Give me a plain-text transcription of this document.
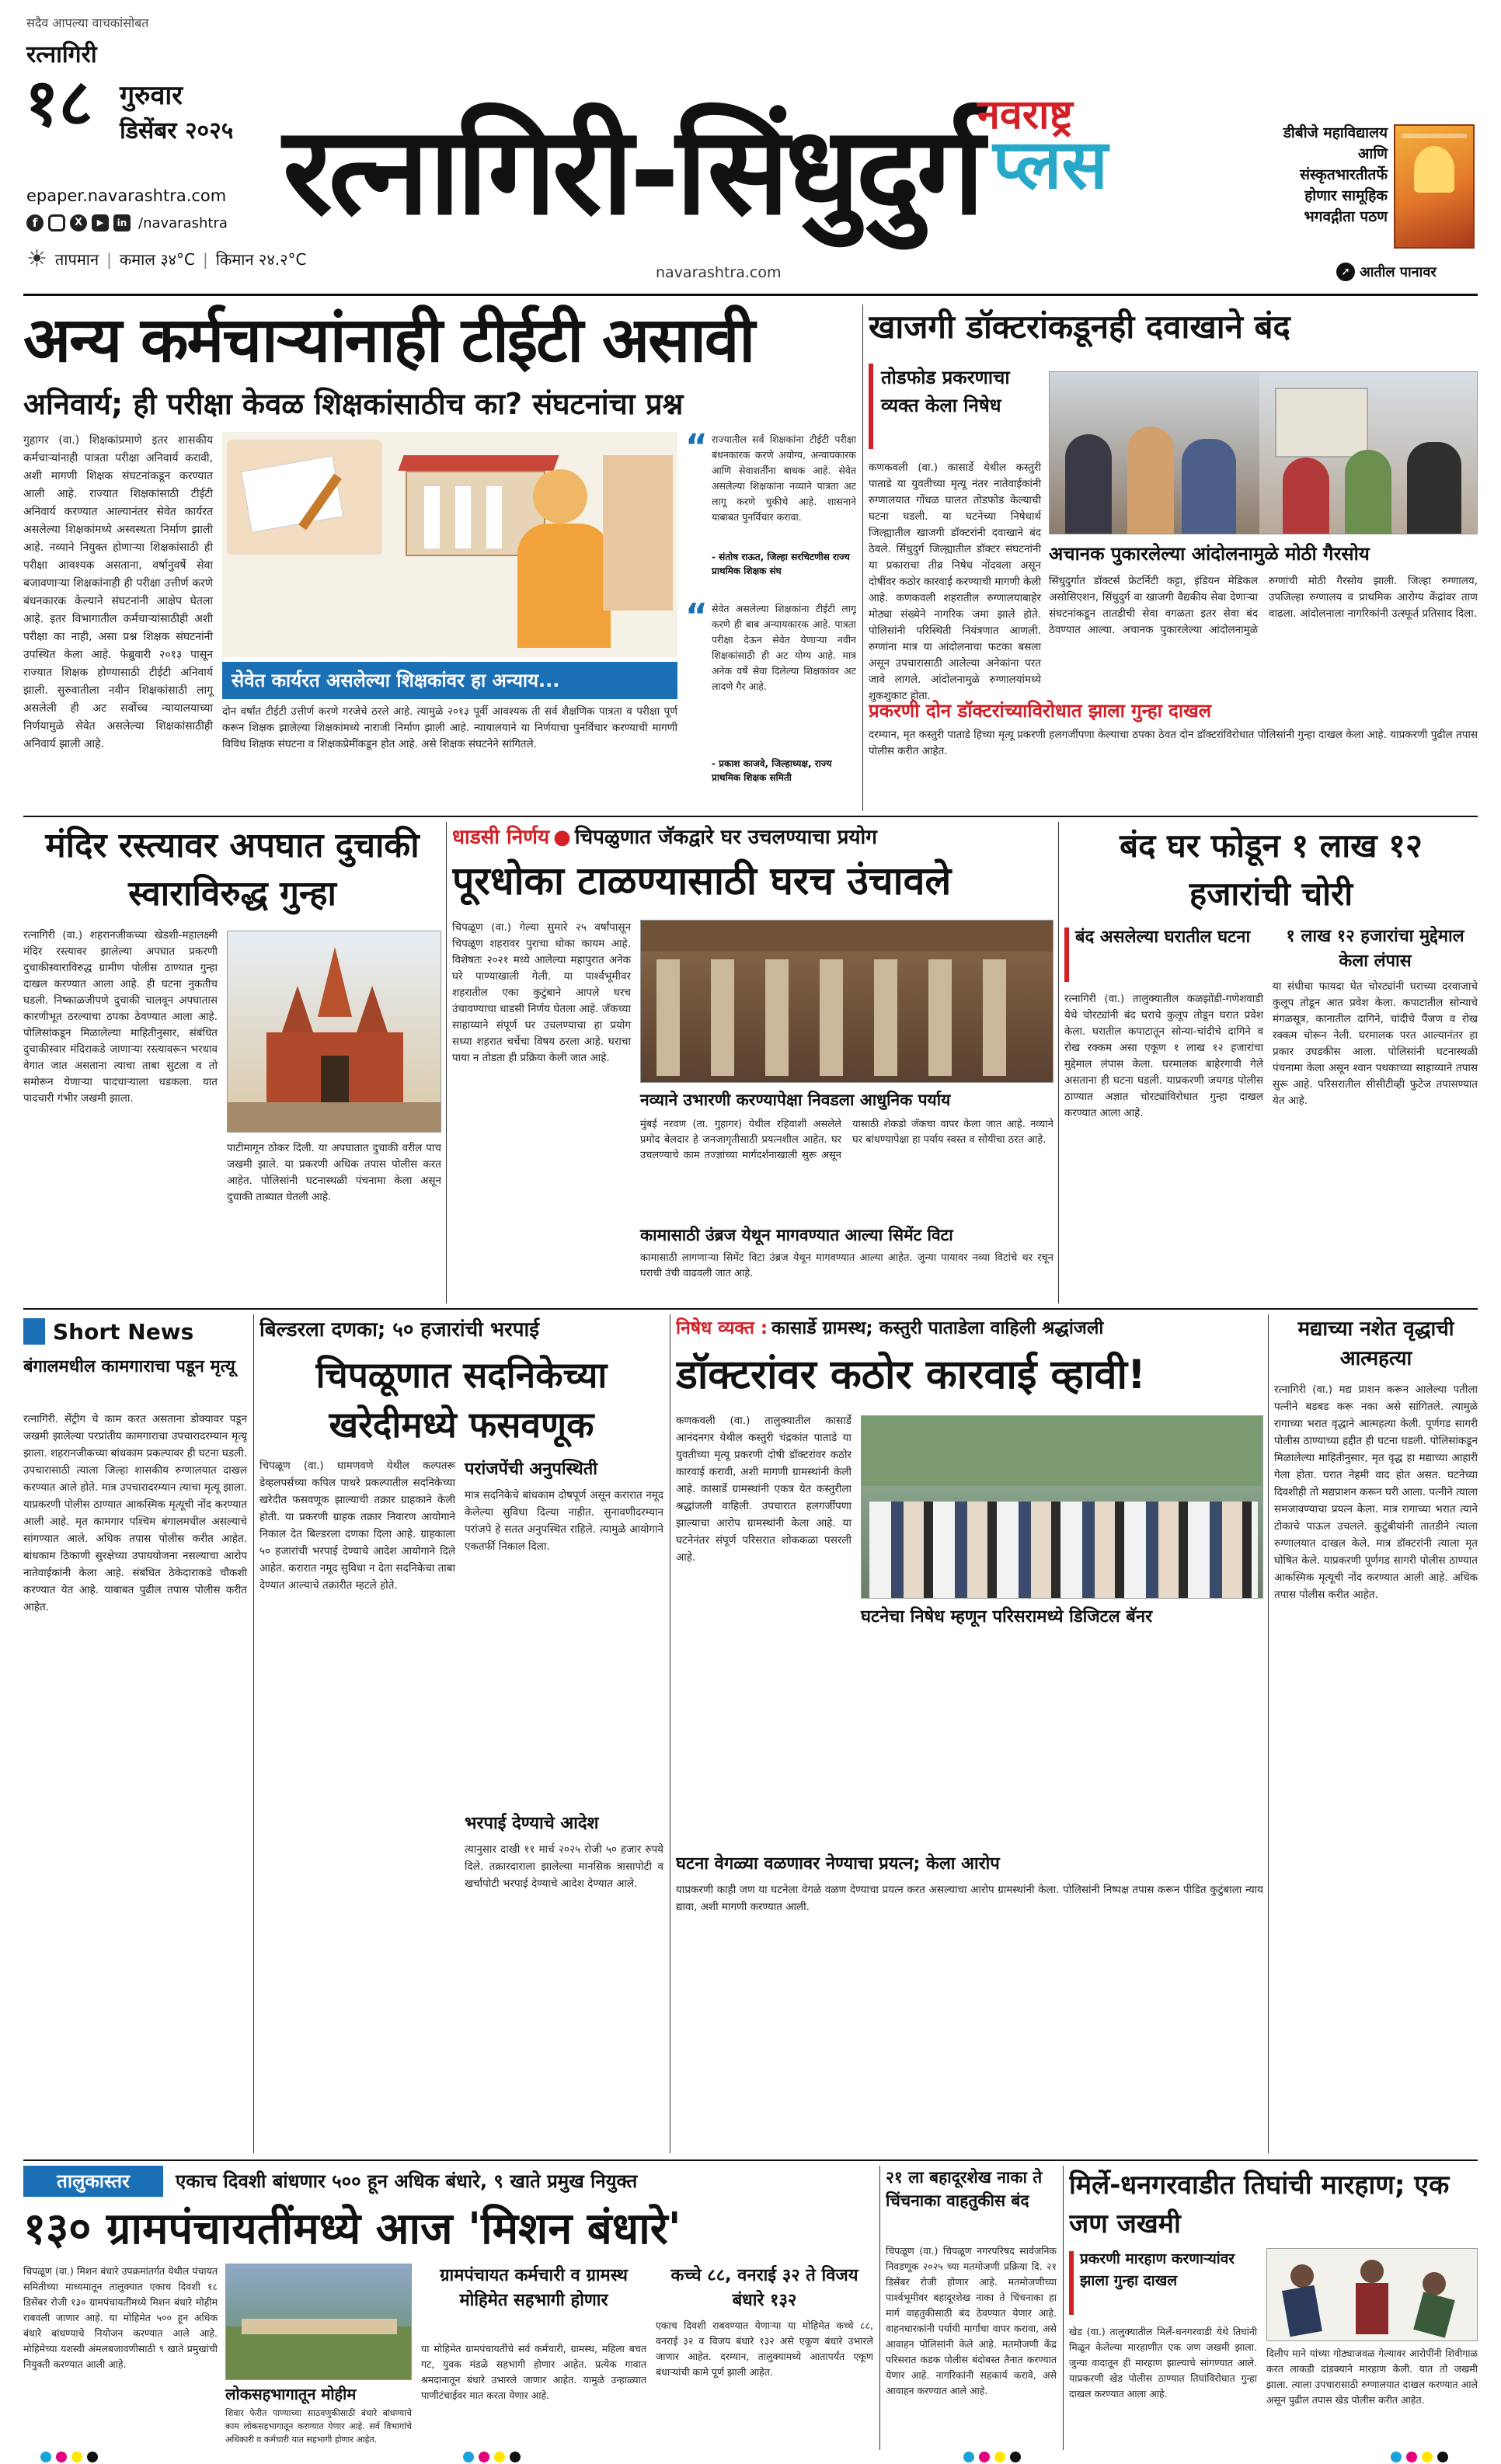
सदैव आपल्या वाचकांसोबत
रत्नागिरी
१८ गुरुवार
डिसेंबर २०२५
epaper.navarashtra.com
f	X	▶	in /navarashtra
☀ तापमान | कमाल ३४°C | किमान २४.२°C
रत्नागिरी-सिंधुदुर्ग
नवराष्ट्र
प्लस
navarashtra.com
डीबीजे महाविद्यालय आणि संस्कृतभारतीतर्फे होणार सामूहिक भगवद्गीता पठण
➚ आतील पानावर
अन्य कर्मचाऱ्यांनाही टीईटी असावी
अनिवार्य; ही परीक्षा केवळ शिक्षकांसाठीच का? संघटनांचा प्रश्न
गुहागर (वा.) शिक्षकांप्रमाणे इतर शासकीय कर्मचाऱ्यांनाही पात्रता परीक्षा अनिवार्य करावी, अशी मागणी शिक्षक संघटनांकडून करण्यात आली आहे. राज्यात शिक्षकांसाठी टीईटी अनिवार्य करण्यात आल्यानंतर सेवेत कार्यरत असलेल्या शिक्षकांमध्ये अस्वस्थता निर्माण झाली आहे. नव्याने नियुक्त होणाऱ्या शिक्षकांसाठी ही परीक्षा आवश्यक असताना, वर्षानुवर्षे सेवा बजावणाऱ्या शिक्षकांनाही ही परीक्षा उत्तीर्ण करणे बंधनकारक केल्याने संघटनांनी आक्षेप घेतला आहे. इतर विभागातील कर्मचाऱ्यांसाठीही अशी परीक्षा का नाही, असा प्रश्न शिक्षक संघटनांनी उपस्थित केला आहे. फेब्रुवारी २०१३ पासून राज्यात शिक्षक होण्यासाठी टीईटी अनिवार्य झाली. सुरुवातीला नवीन शिक्षकांसाठी लागू असलेली ही अट सर्वोच्च न्यायालयाच्या निर्णयामुळे सेवेत असलेल्या शिक्षकांसाठीही अनिवार्य झाली आहे.
“ राज्यातील सर्व शिक्षकांना टीईटी परीक्षा बंधनकारक करणे अयोग्य, अन्यायकारक आणि सेवाशर्तींना बाधक आहे. सेवेत असलेल्या शिक्षकांना नव्याने पात्रता अट लागू करणे चुकीचे आहे. शासनाने याबाबत पुनर्विचार करावा.
- संतोष राऊत, जिल्हा सरचिटणीस राज्य प्राथमिक शिक्षक संघ
“ सेवेत असलेल्या शिक्षकांना टीईटी लागू करणे ही बाब अन्यायकारक आहे. पात्रता परीक्षा देऊन सेवेत येणाऱ्या नवीन शिक्षकांसाठी ही अट योग्य आहे. मात्र अनेक वर्षे सेवा दिलेल्या शिक्षकांवर अट लादणे गैर आहे.
- प्रकाश काजवे, जिल्हाध्यक्ष, राज्य प्राथमिक शिक्षक समिती
सेवेत कार्यरत असलेल्या शिक्षकांवर हा अन्याय...
दोन वर्षांत टीईटी उत्तीर्ण करणे गरजेचे ठरले आहे. त्यामुळे २०१३ पूर्वी आवश्यक ती सर्व शैक्षणिक पात्रता व परीक्षा पूर्ण करून शिक्षक झालेल्या शिक्षकांमध्ये नाराजी निर्माण झाली आहे. न्यायालयाने या निर्णयाचा पुनर्विचार करण्याची मागणी विविध शिक्षक संघटना व शिक्षकप्रेमींकडून होत आहे. असे शिक्षक संघटनेने सांगितले.
खाजगी डॉक्टरांकडूनही दवाखाने बंद
तोडफोड प्रकरणाचा व्यक्त केला निषेध
कणकवली (वा.) कासार्डे येथील कस्तुरी पाताडे या युवतीच्या मृत्यू नंतर नातेवाईकांनी रुग्णालयात गोंधळ घालत तोडफोड केल्याची घटना घडली. या घटनेच्या निषेधार्थ जिल्ह्यातील खाजगी डॉक्टरांनी दवाखाने बंद ठेवले. सिंधुदुर्ग जिल्ह्यातील डॉक्टर संघटनांनी या प्रकाराचा तीव्र निषेध नोंदवला असून दोषींवर कठोर कारवाई करण्याची मागणी केली आहे. कणकवली शहरातील रुग्णालयाबाहेर मोठ्या संख्येने नागरिक जमा झाले होते. पोलिसांनी परिस्थिती नियंत्रणात आणली. रुग्णांना मात्र या आंदोलनाचा फटका बसला असून उपचारासाठी आलेल्या अनेकांना परत जावे लागले. आंदोलनामुळे रुग्णालयांमध्ये शुकशुकाट होता.
अचानक पुकारलेल्या आंदोलनामुळे मोठी गैरसोय
सिंधुदुर्गात डॉक्टर्स फ्रेटर्निटी कट्टा, इंडियन मेडिकल असोसिएशन, सिंधुदुर्ग वा खाजगी वैद्यकीय सेवा देणाऱ्या संघटनांकडून तातडीची सेवा वगळता इतर सेवा बंद ठेवण्यात आल्या. अचानक पुकारलेल्या आंदोलनामुळे रुग्णांची मोठी गैरसोय झाली. जिल्हा रुग्णालय, उपजिल्हा रुग्णालय व प्राथमिक आरोग्य केंद्रांवर ताण वाढला. आंदोलनाला नागरिकांनी उत्स्फूर्त प्रतिसाद दिला.
प्रकरणी दोन डॉक्टरांच्याविरोधात झाला गुन्हा दाखल
दरम्यान, मृत कस्तुरी पाताडे हिच्या मृत्यू प्रकरणी हलगर्जीपणा केल्याचा ठपका ठेवत दोन डॉक्टरांविरोधात पोलिसांनी गुन्हा दाखल केला आहे. याप्रकरणी पुढील तपास पोलीस करीत आहेत.
मंदिर रस्त्यावर अपघात दुचाकी स्वाराविरुद्ध गुन्हा
रत्नागिरी (वा.) शहरानजीकच्या खेडशी-महालक्ष्मी मंदिर रस्त्यावर झालेल्या अपघात प्रकरणी दुचाकीस्वाराविरुद्ध ग्रामीण पोलीस ठाण्यात गुन्हा दाखल करण्यात आला आहे. ही घटना नुकतीच घडली. निष्काळजीपणे दुचाकी चालवून अपघातास कारणीभूत ठरल्याचा ठपका ठेवण्यात आला आहे. पोलिसांकडून मिळालेल्या माहितीनुसार, संबंधित दुचाकीस्वार मंदिराकडे जाणाऱ्या रस्त्यावरून भरधाव वेगात जात असताना त्याचा ताबा सुटला व तो समोरून येणाऱ्या पादचाऱ्याला धडकला. यात पादचारी गंभीर जखमी झाला.
पाटीमागून ठोकर दिली. या अपघातात दुचाकी वरील पाच जखमी झाले. या प्रकरणी अधिक तपास पोलीस करत आहेत. पोलिसांनी घटनास्थळी पंचनामा केला असून दुचाकी ताब्यात घेतली आहे.
धाडसी निर्णय ● चिपळुणात जॅकद्वारे घर उचलण्याचा प्रयोग
पूरधोका टाळण्यासाठी घरच उंचावले
चिपळूण (वा.) गेल्या सुमारे २५ वर्षांपासून चिपळूण शहरावर पुराचा धोका कायम आहे. विशेषतः २०२१ मध्ये आलेल्या महापुरात अनेक घरे पाण्याखाली गेली. या पार्श्वभूमीवर शहरातील एका कुटुंबाने आपले घरच उंचावण्याचा धाडसी निर्णय घेतला आहे. जॅकच्या साहाय्याने संपूर्ण घर उचलण्याचा हा प्रयोग सध्या शहरात चर्चेचा विषय ठरला आहे. घराचा पाया न तोडता ही प्रक्रिया केली जात आहे.
नव्याने उभारणी करण्यापेक्षा निवडला आधुनिक पर्याय
मुंबई नरवण (ता. गुहागर) येथील रहिवाशी असलेले प्रमोद बेलदार हे जनजागृतीसाठी प्रयत्नशील आहेत. घर उचलण्याचे काम तज्ज्ञांच्या मार्गदर्शनाखाली सुरू असून यासाठी शेकडो जॅकचा वापर केला जात आहे. नव्याने घर बांधण्यापेक्षा हा पर्याय स्वस्त व सोयीचा ठरत आहे.
कामासाठी उंब्रज येथून मागवण्यात आल्या सिमेंट विटा
कामासाठी लागणाऱ्या सिमेंट विटा उंब्रज येथून मागवण्यात आल्या आहेत. जुन्या पायावर नव्या विटांचे थर रचून घराची उंची वाढवली जात आहे.
बंद घर फोडून १ लाख १२ हजारांची चोरी
बंद असलेल्या घरातील घटना	१ लाख १२ हजारांचा मुद्देमाल केला लंपास
रत्नागिरी (वा.) तालुक्यातील कळझोंडी-गणेशवाडी येथे चोरट्यांनी बंद घराचे कुलूप तोडून घरात प्रवेश केला. घरातील कपाटातून सोन्या-चांदीचे दागिने व रोख रक्कम असा एकूण १ लाख १२ हजारांचा मुद्देमाल लंपास केला. घरमालक बाहेरगावी गेले असताना ही घटना घडली. याप्रकरणी जयगड पोलीस ठाण्यात अज्ञात चोरट्यांविरोधात गुन्हा दाखल करण्यात आला आहे.
या संधीचा फायदा घेत चोरट्यांनी घराच्या दरवाजाचे कुलूप तोडून आत प्रवेश केला. कपाटातील सोन्याचे मंगळसूत्र, कानातील दागिने, चांदीचे पैंजण व रोख रक्कम चोरून नेली. घरमालक परत आल्यानंतर हा प्रकार उघडकीस आला. पोलिसांनी घटनास्थळी पंचनामा केला असून श्वान पथकाच्या साहाय्याने तपास सुरू आहे. परिसरातील सीसीटीव्ही फुटेज तपासण्यात येत आहे.
Short News
बंगालमधील कामगाराचा पडून मृत्यू
रत्नागिरी. सेंट्रीग चे काम करत असताना डोक्यावर पडून जखमी झालेल्या परप्रांतीय कामगाराचा उपचारादरम्यान मृत्यू झाला. शहरानजीकच्या बांधकाम प्रकल्पावर ही घटना घडली. उपचारासाठी त्याला जिल्हा शासकीय रुग्णालयात दाखल करण्यात आले होते. मात्र उपचारादरम्यान त्याचा मृत्यू झाला. याप्रकरणी पोलीस ठाण्यात आकस्मिक मृत्यूची नोंद करण्यात आली आहे. मृत कामगार पश्चिम बंगालमधील असल्याचे सांगण्यात आले. अधिक तपास पोलीस करीत आहेत. बांधकाम ठिकाणी सुरक्षेच्या उपाययोजना नसल्याचा आरोप नातेवाईकांनी केला आहे. संबंधित ठेकेदाराकडे चौकशी करण्यात येत आहे. याबाबत पुढील तपास पोलीस करीत आहेत.
बिल्डरला दणका; ५० हजारांची भरपाई
चिपळूणात सदनिकेच्या खरेदीमध्ये फसवणूक
चिपळूण (वा.) धामणवणे येथील कल्पतरू डेव्हलपर्सच्या कपिल पाथरे प्रकल्पातील सदनिकेच्या खरेदीत फसवणूक झाल्याची तक्रार ग्राहकाने केली होती. या प्रकरणी ग्राहक तक्रार निवारण आयोगाने निकाल देत बिल्डरला दणका दिला आहे. ग्राहकाला ५० हजारांची भरपाई देण्याचे आदेश आयोगाने दिले आहेत. करारात नमूद सुविधा न देता सदनिकेचा ताबा देण्यात आल्याचे तक्रारीत म्हटले होते.
परांजपेंची अनुपस्थिती
मात्र सदनिकेचे बांधकाम दोषपूर्ण असून करारात नमूद केलेल्या सुविधा दिल्या नाहीत. सुनावणीदरम्यान परांजपे हे सतत अनुपस्थित राहिले. त्यामुळे आयोगाने एकतर्फी निकाल दिला.
भरपाई देण्याचे आदेश
त्यानुसार दाखी ११ मार्च २०२५ रोजी ५० हजार रुपये दिले. तक्रारदाराला झालेल्या मानसिक त्रासापोटी व खर्चापोटी भरपाई देण्याचे आदेश देण्यात आले.
निषेध व्यक्त : कासार्डे ग्रामस्थ; कस्तुरी पाताडेला वाहिली श्रद्धांजली
डॉक्टरांवर कठोर कारवाई व्हावी!
कणकवली (वा.) तालुक्यातील कासार्डे आनंदनगर येथील कस्तुरी चंद्रकांत पाताडे या युवतीच्या मृत्यू प्रकरणी दोषी डॉक्टरांवर कठोर कारवाई करावी, अशी मागणी ग्रामस्थांनी केली आहे. कासार्डे ग्रामस्थांनी एकत्र येत कस्तुरीला श्रद्धांजली वाहिली. उपचारात हलगर्जीपणा झाल्याचा आरोप ग्रामस्थांनी केला आहे. या घटनेनंतर संपूर्ण परिसरात शोककळा पसरली आहे.
घटनेचा निषेध म्हणून परिसरामध्ये डिजिटल बॅनर
घटना वेगळ्या वळणावर नेण्याचा प्रयत्न; केला आरोप
याप्रकरणी काही जण या घटनेला वेगळे वळण देण्याचा प्रयत्न करत असल्याचा आरोप ग्रामस्थांनी केला. पोलिसांनी निष्पक्ष तपास करून पीडित कुटुंबाला न्याय द्यावा, अशी मागणी करण्यात आली.
मद्याच्या नशेत वृद्धाची आत्महत्या
रत्नागिरी (वा.) मद्य प्राशन करून आलेल्या पतीला पत्नीने बडबड करू नका असे सांगितले. त्यामुळे रागाच्या भरात वृद्धाने आत्महत्या केली. पूर्णगड सागरी पोलीस ठाण्याच्या हद्दीत ही घटना घडली. पोलिसांकडून मिळालेल्या माहितीनुसार, मृत वृद्ध हा मद्याच्या आहारी गेला होता. घरात नेहमी वाद होत असत. घटनेच्या दिवशीही तो मद्यप्राशन करून घरी आला. पत्नीने त्याला समजावण्याचा प्रयत्न केला. मात्र रागाच्या भरात त्याने टोकाचे पाऊल उचलले. कुटुंबीयांनी तातडीने त्याला रुग्णालयात दाखल केले. मात्र डॉक्टरांनी त्याला मृत घोषित केले. याप्रकरणी पूर्णगड सागरी पोलीस ठाण्यात आकस्मिक मृत्यूची नोंद करण्यात आली आहे. अधिक तपास पोलीस करीत आहेत.
तालुकास्तर	एकाच दिवशी बांधणार ५०० हून अधिक बंधारे, ९ खाते प्रमुख नियुक्त
१३० ग्रामपंचायतींमध्ये आज 'मिशन बंधारे'
चिपळूण (वा.) मिशन बंधारे उपक्रमांतर्गत येथील पंचायत समितीच्या माध्यमातून तालुक्यात एकाच दिवशी १८ डिसेंबर रोजी १३० ग्रामपंचायतींमध्ये मिशन बंधारे मोहीम राबवली जाणार आहे. या मोहिमेत ५०० हून अधिक बंधारे बांधण्याचे नियोजन करण्यात आले आहे. मोहिमेच्या यशस्वी अंमलबजावणीसाठी ९ खाते प्रमुखांची नियुक्ती करण्यात आली आहे.
लोकसहभागातून मोहीम
शिवार फेरीत पाण्याच्या साठवणुकीसाठी बंधारे बांधण्याचे काम लोकसहभागातून करण्यात येणार आहे. सर्व विभागांचे अधिकारी व कर्मचारी यात सहभागी होणार आहेत.
ग्रामपंचायत कर्मचारी व ग्रामस्थ मोहिमेत सहभागी होणार
या मोहिमेत ग्रामपंचायतींचे सर्व कर्मचारी, ग्रामस्थ, महिला बचत गट, युवक मंडळे सहभागी होणार आहेत. प्रत्येक गावात श्रमदानातून बंधारे उभारले जाणार आहेत. यामुळे उन्हाळ्यात पाणीटंचाईवर मात करता येणार आहे.
कच्चे ८८, वनराई ३२ ते विजय बंधारे १३२
एकाच दिवशी राबवण्यात येणाऱ्या या मोहिमेत कच्चे ८८, वनराई ३२ व विजय बंधारे १३२ असे एकूण बंधारे उभारले जाणार आहेत. दरम्यान, तालुक्यामध्ये आतापर्यंत एकूण बंधाऱ्यांची कामे पूर्ण झाली आहेत.
२१ ला बहादूरशेख नाका ते चिंचनाका वाहतुकीस बंद
चिपळूण (वा.) चिपळूण नगरपरिषद सार्वजनिक निवडणूक २०२५ च्या मतमोजणी प्रक्रिया दि. २१ डिसेंबर रोजी होणार आहे. मतमोजणीच्या पार्श्वभूमीवर बहादूरशेख नाका ते चिंचनाका हा मार्ग वाहतुकीसाठी बंद ठेवण्यात येणार आहे. वाहनधारकांनी पर्यायी मार्गांचा वापर करावा, असे आवाहन पोलिसांनी केले आहे. मतमोजणी केंद्र परिसरात कडक पोलीस बंदोबस्त तैनात करण्यात येणार आहे. नागरिकांनी सहकार्य करावे, असे आवाहन करण्यात आले आहे.
मिर्ले-धनगरवाडीत तिघांची मारहाण; एक जण जखमी
प्रकरणी मारहाण करणाऱ्यांवर झाला गुन्हा दाखल
खेड (वा.) तालुक्यातील मिर्ले-धनगरवाडी येथे तिघांनी मिळून केलेल्या मारहाणीत एक जण जखमी झाला. जुन्या वादातून ही मारहाण झाल्याचे सांगण्यात आले. याप्रकरणी खेड पोलीस ठाण्यात तिघांविरोधात गुन्हा दाखल करण्यात आला आहे.
दिलीप माने यांच्या गोठ्याजवळ गेल्यावर आरोपींनी शिवीगाळ करत लाकडी दांडक्याने मारहाण केली. यात तो जखमी झाला. त्याला उपचारासाठी रुग्णालयात दाखल करण्यात आले असून पुढील तपास खेड पोलीस करीत आहेत.
